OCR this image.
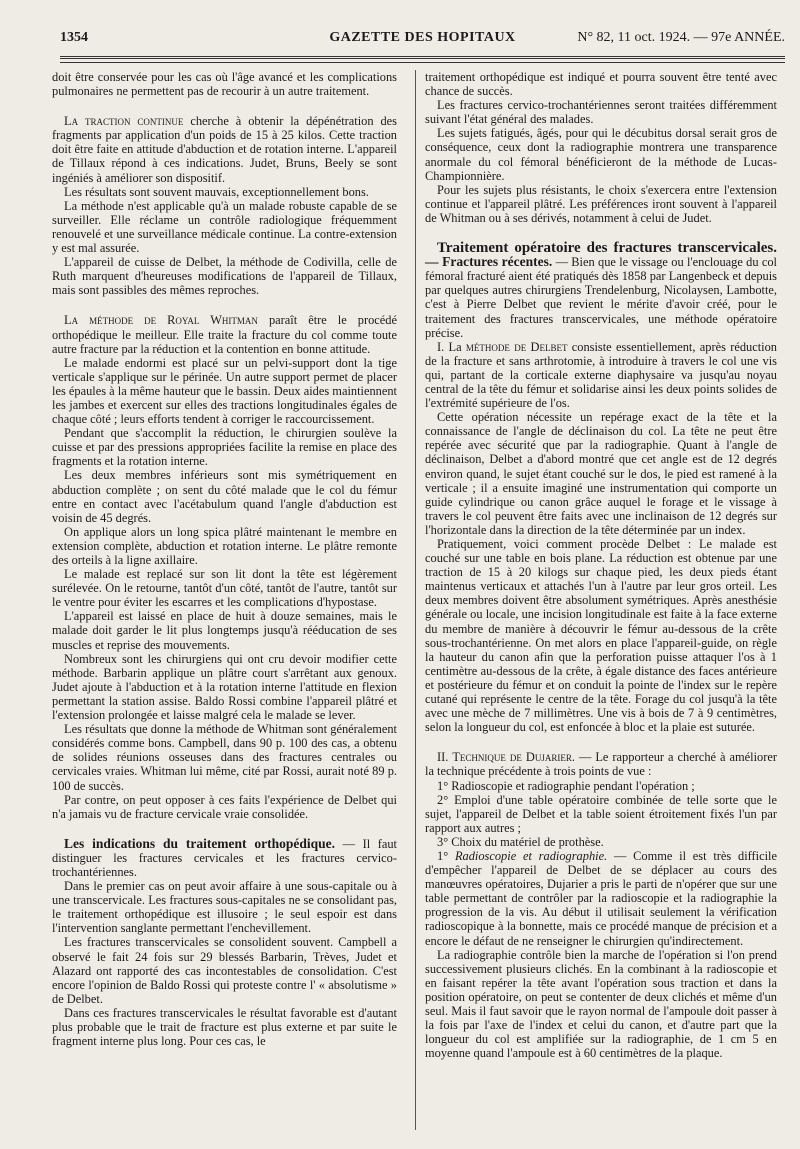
1354	GAZETTE DES HOPITAUX	N° 82, 11 oct. 1924. — 97e ANNÉE.

doit être conservée pour les cas où l'âge avancé et les complications pulmonaires ne permettent pas de recourir à un autre traitement.

La traction continue cherche à obtenir la dépénétration des fragments par application d'un poids de 15 à 25 kilos. Cette traction doit être faite en attitude d'abduction et de rotation interne. L'appareil de Tillaux répond à ces indications. Judet, Bruns, Beely se sont ingéniés à améliorer son dispositif.

Les résultats sont souvent mauvais, exceptionnellement bons.

La méthode n'est applicable qu'à un malade robuste capable de se surveiller. Elle réclame un contrôle radiologique fréquemment renouvelé et une surveillance médicale continue. La contre-extension y est mal assurée.

L'appareil de cuisse de Delbet, la méthode de Codivilla, celle de Ruth marquent d'heureuses modifications de l'appareil de Tillaux, mais sont passibles des mêmes reproches.

La méthode de Royal Whitman paraît être le procédé orthopédique le meilleur. Elle traite la fracture du col comme toute autre fracture par la réduction et la contention en bonne attitude.

Le malade endormi est placé sur un pelvi-support dont la tige verticale s'applique sur le périnée. Un autre support permet de placer les épaules à la même hauteur que le bassin. Deux aides maintiennent les jambes et exercent sur elles des tractions longitudinales égales de chaque côté ; leurs efforts tendent à corriger le raccourcissement.

Pendant que s'accomplit la réduction, le chirurgien soulève la cuisse et par des pressions appropriées facilite la remise en place des fragments et la rotation interne.

Les deux membres inférieurs sont mis symétriquement en abduction complète ; on sent du côté malade que le col du fémur entre en contact avec l'acétabulum quand l'angle d'abduction est voisin de 45 degrés.

On applique alors un long spica plâtré maintenant le membre en extension complète, abduction et rotation interne. Le plâtre remonte des orteils à la ligne axillaire.

Le malade est replacé sur son lit dont la tête est légèrement surélevée. On le retourne, tantôt d'un côté, tantôt de l'autre, tantôt sur le ventre pour éviter les escarres et les complications d'hypostase.

L'appareil est laissé en place de huit à douze semaines, mais le malade doit garder le lit plus longtemps jusqu'à rééducation de ses muscles et reprise des mouvements.

Nombreux sont les chirurgiens qui ont cru devoir modifier cette méthode. Barbarin applique un plâtre court s'arrêtant aux genoux. Judet ajoute à l'abduction et à la rotation interne l'attitude en flexion permettant la station assise. Baldo Rossi combine l'appareil plâtré et l'extension prolongée et laisse malgré cela le malade se lever.

Les résultats que donne la méthode de Whitman sont généralement considérés comme bons. Campbell, dans 90 p. 100 des cas, a obtenu de solides réunions osseuses dans des fractures centrales ou cervicales vraies. Whitman lui même, cité par Rossi, aurait noté 89 p. 100 de succès.

Par contre, on peut opposer à ces faits l'expérience de Delbet qui n'a jamais vu de fracture cervicale vraie consolidée.

Les indications du traitement orthopédique. — Il faut distinguer les fractures cervicales et les fractures cervico-trochantériennes.

Dans le premier cas on peut avoir affaire à une sous-capitale ou à une transcervicale. Les fractures sous-capitales ne se consolidant pas, le traitement orthopédique est illusoire ; le seul espoir est dans l'intervention sanglante permettant l'enchevillement.

Les fractures transcervicales se consolident souvent. Campbell a observé le fait 24 fois sur 29 blessés Barbarin, Trèves, Judet et Alazard ont rapporté des cas incontestables de consolidation. C'est encore l'opinion de Baldo Rossi qui proteste contre l' « absolutisme » de Delbet.

Dans ces fractures transcervicales le résultat favorable est d'autant plus probable que le trait de fracture est plus externe et par suite le fragment interne plus long. Pour ces cas, le

traitement orthopédique est indiqué et pourra souvent être tenté avec chance de succès.

Les fractures cervico-trochantériennes seront traitées différemment suivant l'état général des malades.

Les sujets fatigués, âgés, pour qui le décubitus dorsal serait gros de conséquence, ceux dont la radiographie montrera une transparence anormale du col fémoral bénéficieront de la méthode de Lucas-Championnière.

Pour les sujets plus résistants, le choix s'exercera entre l'extension continue et l'appareil plâtré. Les préférences iront souvent à l'appareil de Whitman ou à ses dérivés, notamment à celui de Judet.

Traitement opératoire des fractures transcervicales. — Fractures récentes. — Bien que le vissage ou l'enclouage du col fémoral fracturé aient été pratiqués dès 1858 par Langenbeck et depuis par quelques autres chirurgiens Trendelenburg, Nicolaysen, Lambotte, c'est à Pierre Delbet que revient le mérite d'avoir créé, pour le traitement des fractures transcervicales, une méthode opératoire précise.

I. La méthode de Delbet consiste essentiellement, après réduction de la fracture et sans arthrotomie, à introduire à travers le col une vis qui, partant de la corticale externe diaphysaire va jusqu'au noyau central de la tête du fémur et solidarise ainsi les deux points solides de l'extrémité supérieure de l'os.

Cette opération nécessite un repérage exact de la tête et la connaissance de l'angle de déclinaison du col. La tête ne peut être repérée avec sécurité que par la radiographie. Quant à l'angle de déclinaison, Delbet a d'abord montré que cet angle est de 12 degrés environ quand, le sujet étant couché sur le dos, le pied est ramené à la verticale ; il a ensuite imaginé une instrumentation qui comporte un guide cylindrique ou canon grâce auquel le forage et le vissage à travers le col peuvent être faits avec une inclinaison de 12 degrés sur l'horizontale dans la direction de la tête déterminée par un index.

Pratiquement, voici comment procède Delbet : Le malade est couché sur une table en bois plane. La réduction est obtenue par une traction de 15 à 20 kilogs sur chaque pied, les deux pieds étant maintenus verticaux et attachés l'un à l'autre par leur gros orteil. Les deux membres doivent être absolument symétriques. Après anesthésie générale ou locale, une incision longitudinale est faite à la face externe du membre de manière à découvrir le fémur au-dessous de la crête sous-trochantérienne. On met alors en place l'appareil-guide, on règle la hauteur du canon afin que la perforation puisse attaquer l'os à 1 centimètre au-dessous de la crête, à égale distance des faces antérieure et postérieure du fémur et on conduit la pointe de l'index sur le repère cutané qui représente le centre de la tête. Forage du col jusqu'à la tête avec une mèche de 7 millimètres. Une vis à bois de 7 à 9 centimètres, selon la longueur du col, est enfoncée à bloc et la plaie est suturée.

II. Technique de Dujarier. — Le rapporteur a cherché à améliorer la technique précédente à trois points de vue :

1° Radioscopie et radiographie pendant l'opération ;

2° Emploi d'une table opératoire combinée de telle sorte que le sujet, l'appareil de Delbet et la table soient étroitement fixés l'un par rapport aux autres ;

3° Choix du matériel de prothèse.

1° Radioscopie et radiographie. — Comme il est très difficile d'empêcher l'appareil de Delbet de se déplacer au cours des manœuvres opératoires, Dujarier a pris le parti de n'opérer que sur une table permettant de contrôler par la radioscopie et la radiographie la progression de la vis. Au début il utilisait seulement la vérification radioscopique à la bonnette, mais ce procédé manque de précision et a encore le défaut de ne renseigner le chirurgien qu'indirectement.

La radiographie contrôle bien la marche de l'opération si l'on prend successivement plusieurs clichés. En la combinant à la radioscopie et en faisant repérer la tête avant l'opération sous traction et dans la position opératoire, on peut se contenter de deux clichés et même d'un seul. Mais il faut savoir que le rayon normal de l'ampoule doit passer à la fois par l'axe de l'index et celui du canon, et d'autre part que la longueur du col est amplifiée sur la radiographie, de 1 cm 5 en moyenne quand l'ampoule est à 60 centimètres de la plaque.
